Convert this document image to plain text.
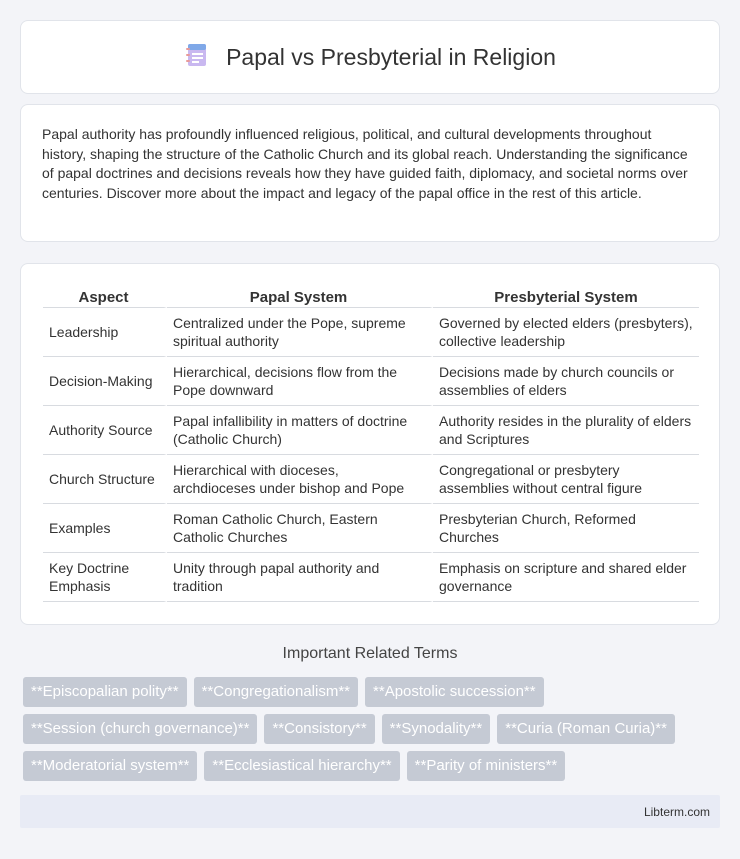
Papal vs Presbyterial in Religion

Papal authority has profoundly influenced religious, political, and cultural developments throughout history, shaping the structure of the Catholic Church and its global reach. Understanding the significance of papal doctrines and decisions reveals how they have guided faith, diplomacy, and societal norms over centuries. Discover more about the impact and legacy of the papal office in the rest of this article.

Aspect	Papal System	Presbyterial System
Leadership	Centralized under the Pope, supreme spiritual authority	Governed by elected elders (presbyters), collective leadership
Decision-Making	Hierarchical, decisions flow from the Pope downward	Decisions made by church councils or assemblies of elders
Authority Source	Papal infallibility in matters of doctrine (Catholic Church)	Authority resides in the plurality of elders and Scriptures
Church Structure	Hierarchical with dioceses, archdioceses under bishop and Pope	Congregational or presbytery assemblies without central figure
Examples	Roman Catholic Church, Eastern Catholic Churches	Presbyterian Church, Reformed Churches
Key Doctrine Emphasis	Unity through papal authority and tradition	Emphasis on scripture and shared elder governance
Important Related Terms
**Episcopalian polity**	**Congregationalism**	**Apostolic succession**
**Session (church governance)**	**Consistory**	**Synodality**	**Curia (Roman Curia)**
**Moderatorial system**	**Ecclesiastical hierarchy**	**Parity of ministers**
Libterm.com
